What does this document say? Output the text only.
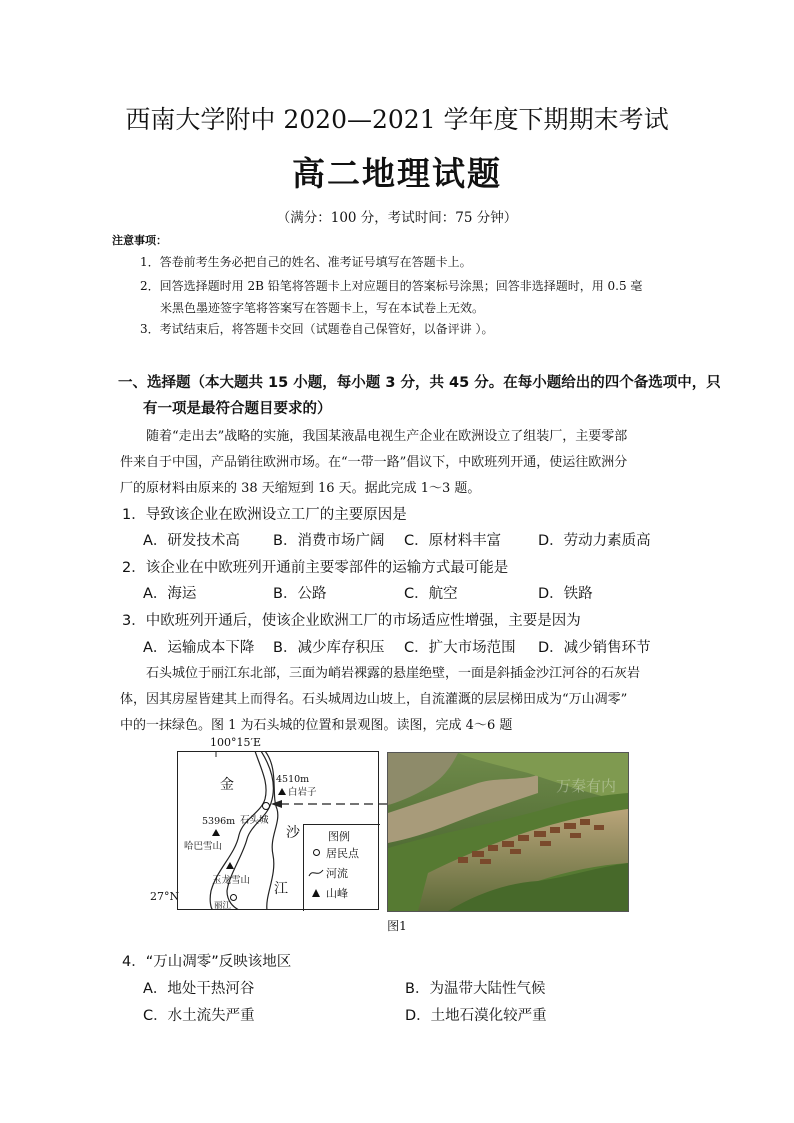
西南大学附中 2020—2021 学年度下期期末考试
高二地理试题
（满分：100 分，考试时间：75 分钟）
注意事项：
1．答卷前考生务必把自己的姓名、准考证号填写在答题卡上。
2．回答选择题时用 2B 铅笔将答题卡上对应题目的答案标号涂黑；回答非选择题时，用 0.5 毫
米黑色墨迹签字笔将答案写在答题卡上，写在本试卷上无效。
3．考试结束后，将答题卡交回（试题卷自己保管好，以备评讲 ）。
一、选择题（本大题共 15 小题，每小题 3 分，共 45 分。在每小题给出的四个备选项中，只
有一项是最符合题目要求的）
随着“走出去”战略的实施，我国某液晶电视生产企业在欧洲设立了组装厂，主要零部
件来自于中国，产品销往欧洲市场。在“一带一路”倡议下，中欧班列开通，使运往欧洲分
厂的原材料由原来的 38 天缩短到 16 天。据此完成 1～3 题。
1．导致该企业在欧洲设立工厂的主要原因是
A．研发技术高 B．消费市场广阔 C．原材料丰富	D．劳动力素质高
2．该企业在中欧班列开通前主要零部件的运输方式最可能是
A．海运	B．公路	C．航空	D．铁路
3．中欧班列开通后，使该企业欧洲工厂的市场适应性增强，主要是因为
A．运输成本下降 B．减少库存积压 C．扩大市场范围 D．减少销售环节
石头城位于丽江东北部，三面为峭岩裸露的悬崖绝壁，一面是斜插金沙江河谷的石灰岩
体，因其房屋皆建其上而得名。石头城周边山坡上，自流灌溉的层层梯田成为“万山凋零”
中的一抹绿色。图 1 为石头城的位置和景观图。读图，完成 4～6 题
100°15′E
27°N
4510m
白岩子
石头城
5396m
哈巴雪山
玉龙雪山
丽江
金
沙
江
图例
居民点
河流
山峰
万秦有内
图1
4．“万山凋零”反映该地区
A．地处干热河谷	B．为温带大陆性气候
C．水土流失严重	D．土地石漠化较严重
